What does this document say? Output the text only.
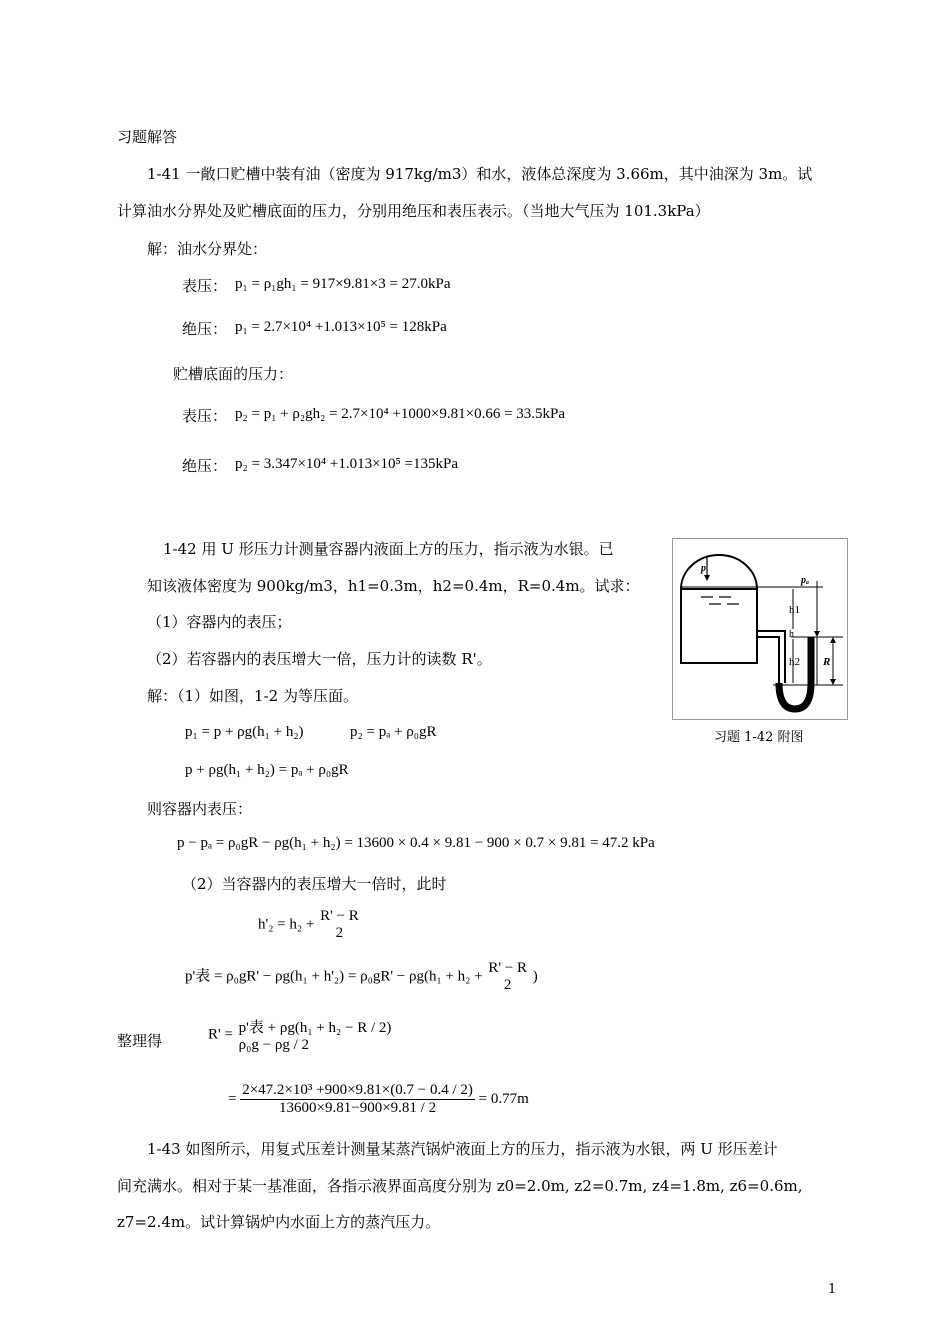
习题解答
1-41 一敞口贮槽中装有油（密度为 917kg/m3）和水，液体总深度为 3.66m，其中油深为 3m。试
计算油水分界处及贮槽底面的压力，分别用绝压和表压表示。（当地大气压为 101.3kPa）
解：油水分界处：
表压： p₁ = ρ₁gh₁ = 917×9.81×3 = 27.0kPa
绝压： p₁ = 2.7×10⁴ +1.013×10⁵ = 128kPa
贮槽底面的压力：
表压： p₂ = p₁ + ρ₂gh₂ = 2.7×10⁴ +1000×9.81×0.66 = 33.5kPa
绝压： p₂ = 3.347×10⁴ +1.013×10⁵ =135kPa
1-42 用 U 形压力计测量容器内液面上方的压力，指示液为水银。已
知该液体密度为 900kg/m3，h1=0.3m，h2=0.4m，R=0.4m。试求：
（1）容器内的表压；
（2）若容器内的表压增大一倍，压力计的读数 R'。
解：（1）如图，1-2 为等压面。
p₁ = p + ρg(h₁ + h₂)	p₂ = pₐ + ρ₀gR
p + ρg(h₁ + h₂) = pₐ + ρ₀gR
则容器内表压：
p − pₐ = ρ₀gR − ρg(h₁ + h₂) = 13600 × 0.4 × 9.81 − 900 × 0.7 × 9.81 = 47.2 kPa
（2）当容器内的表压增大一倍时，此时
h'₂ = h₂ +
R' − R
2
p'表 = ρ₀gR' − ρg(h₁ + h'₂) = ρ₀gR' − ρg(h₁ + h₂ +
R' − R
2
)
整理得	R' = p'表 + ρg(h₁ + h₂ − R / 2)
ρ₀g − ρg / 2
= $\frac{\text{2×47.2×10³ +900×9.81×(0.7 − 0.4 / 2)}}{13600\times 9.81-900\times 9.81 / 2} = 0.77m$
p
pₐ
h1
h
h2 R
习题 1-42 附图
1-43 如图所示，用复式压差计测量某蒸汽锅炉液面上方的压力，指示液为水银，两 U 形压差计
间充满水。相对于某一基准面，各指示液界面高度分别为 z0=2.0m, z2=0.7m, z4=1.8m, z6=0.6m,
z7=2.4m。试计算锅炉内水面上方的蒸汽压力。
1
